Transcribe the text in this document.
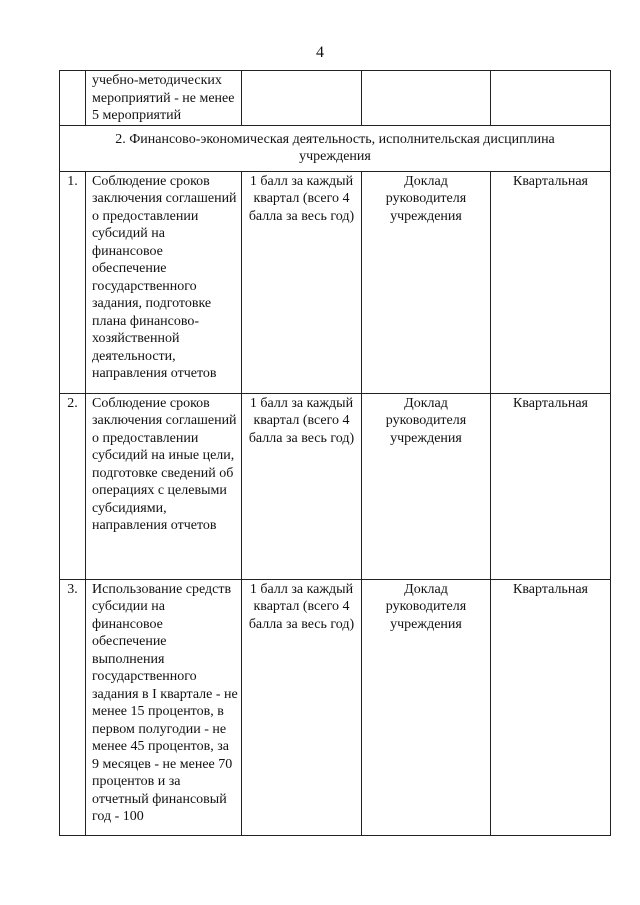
4
	учебно-методических мероприятий - не менее 5 мероприятий			
2. Финансово-экономическая деятельность, исполнительская дисциплина учреждения				
1.	Соблюдение сроков заключения соглашений о предоставлении субсидий на финансовое обеспечение государственного задания, подготовке плана финансово-хозяйственной деятельности, направления отчетов	1 балл за каждый квартал (всего 4 балла за весь год)	Доклад руководителя учреждения	Квартальная
2.	Соблюдение сроков заключения соглашений о предоставлении субсидий на иные цели, подготовке сведений об операциях с целевыми субсидиями, направления отчетов	1 балл за каждый квартал (всего 4 балла за весь год)	Доклад руководителя учреждения	Квартальная
3.	Использование средств субсидии на финансовое обеспечение выполнения государственного задания в I квартале - не менее 15 процентов, в первом полугодии - не менее 45 процентов, за 9 месяцев - не менее 70 процентов и за отчетный финансовый год - 100	1 балл за каждый квартал (всего 4 балла за весь год)	Доклад руководителя учреждения	Квартальная
